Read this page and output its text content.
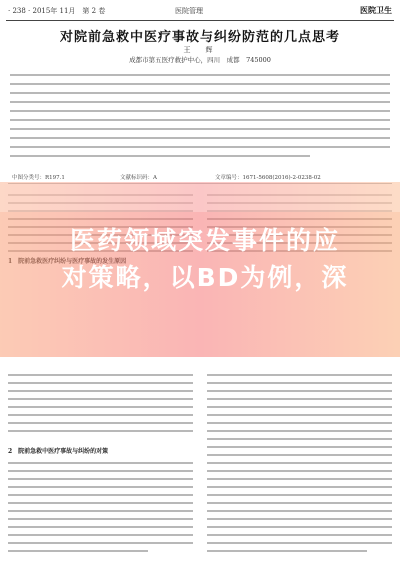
· 238 · 2015年 11月　第 2 卷	医院管理	医院卫生
对院前急救中医疗事故与纠纷防范的几点思考
王　辉
成都市第五医疗救护中心，四川　成都　745000
中图分类号：R197.1	文献标识码：A	文章编号：1671-5608(2016)-2-0238-02
2　院前急救中医疗事故与纠纷的对策
医药领域突发事件的应
对策略，以BD为例，深
